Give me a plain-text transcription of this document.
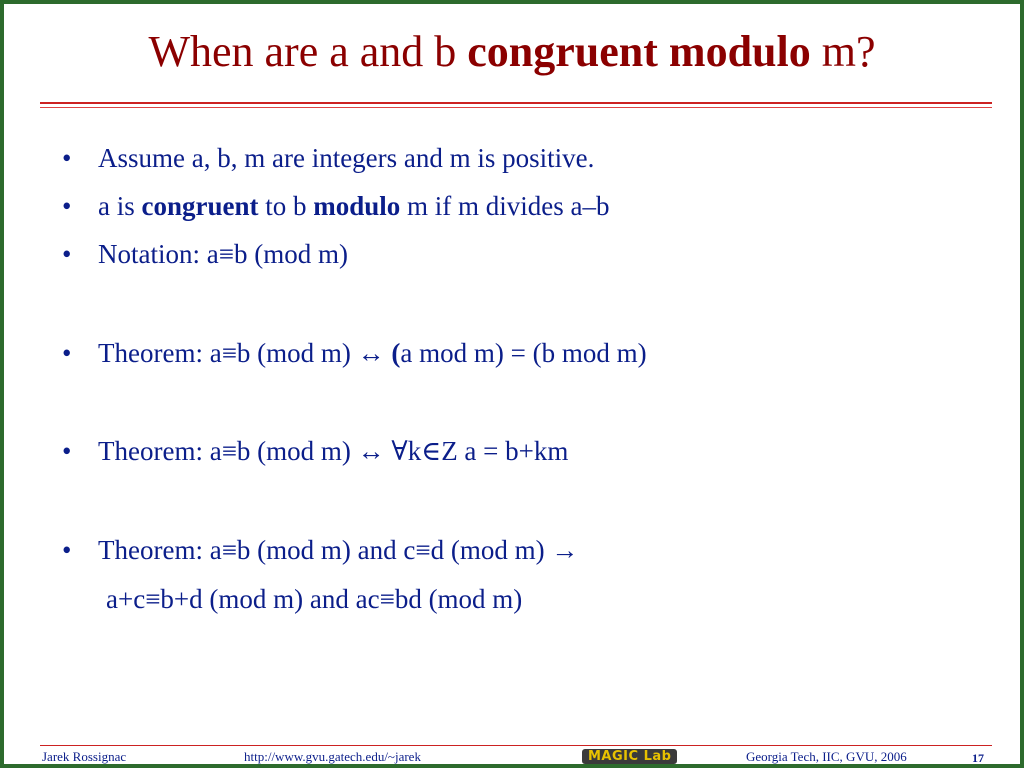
When are a and b congruent modulo m?
• Assume a, b, m are integers and m is positive.
• a is congruent to b modulo m if m divides a–b
• Notation: a≡b (mod m)
• Theorem: a≡b (mod m) ↔ (a mod m) = (b mod m)
• Theorem: a≡b (mod m) ↔ ∀k∈Z a = b+km
• Theorem: a≡b (mod m) and c≡d (mod m) →
a+c≡b+d (mod m) and ac≡bd (mod m)
Jarek Rossignac	http://www.gvu.gatech.edu/~jarek	MAGIC Lab	Georgia Tech, IIC, GVU, 2006	17
